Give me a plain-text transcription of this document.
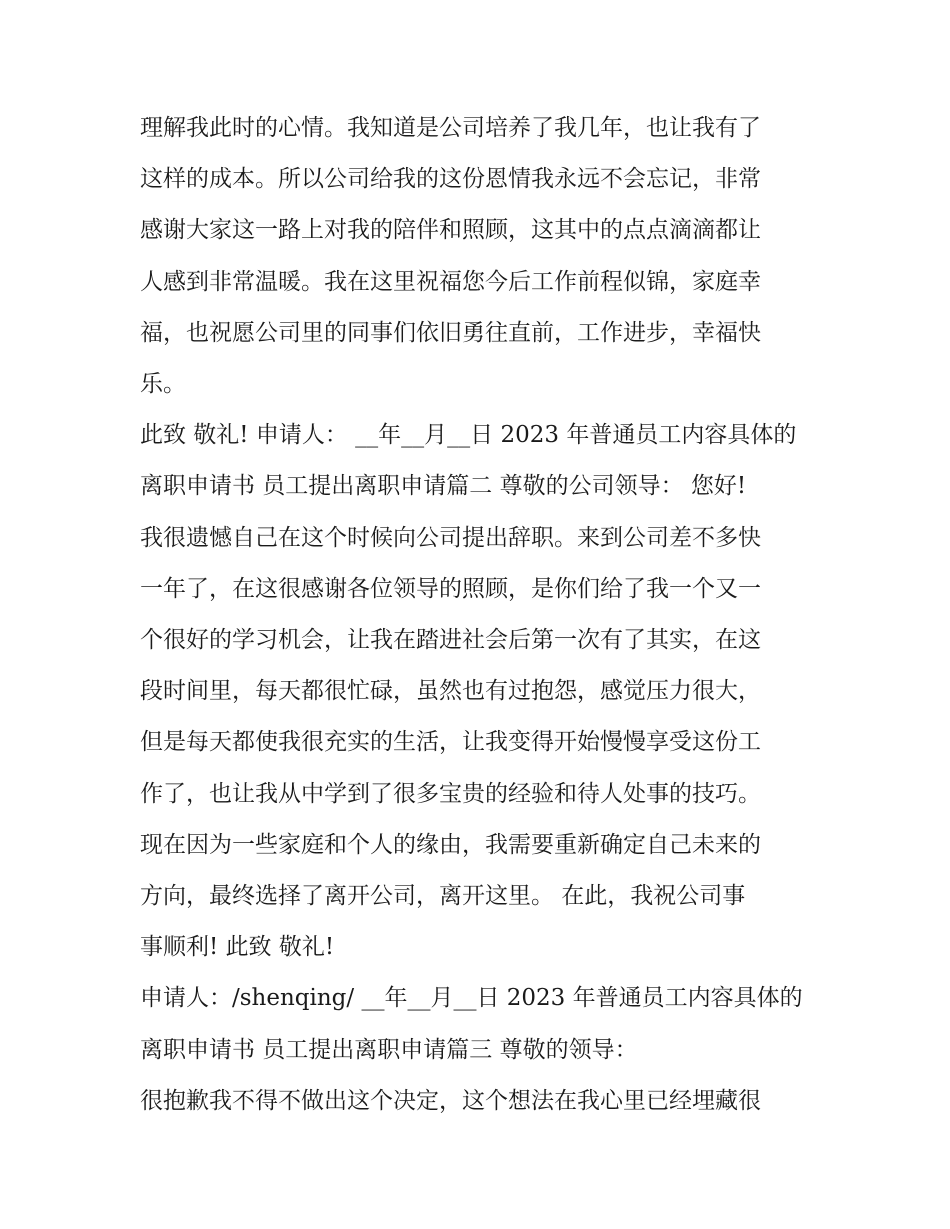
理解我此时的心情。我知道是公司培养了我几年，也让我有了
这样的成本。所以公司给我的这份恩情我永远不会忘记，非常
感谢大家这一路上对我的陪伴和照顾，这其中的点点滴滴都让
人感到非常温暖。我在这里祝福您今后工作前程似锦，家庭幸
福，也祝愿公司里的同事们依旧勇往直前，工作进步，幸福快
乐。

此致 敬礼! 申请人： __年__月__日 2023 年普通员工内容具体的
离职申请书 员工提出离职申请篇二 尊敬的公司领导： 您好!
我很遗憾自己在这个时候向公司提出辞职。来到公司差不多快
一年了，在这很感谢各位领导的照顾，是你们给了我一个又一
个很好的学习机会，让我在踏进社会后第一次有了其实，在这
段时间里，每天都很忙碌，虽然也有过抱怨，感觉压力很大，
但是每天都使我很充实的生活，让我变得开始慢慢享受这份工
作了，也让我从中学到了很多宝贵的经验和待人处事的技巧。
现在因为一些家庭和个人的缘由，我需要重新确定自己未来的
方向，最终选择了离开公司，离开这里。 在此，我祝公司事
事顺利! 此致 敬礼!

申请人：/shenqing/ __年__月__日 2023 年普通员工内容具体的
离职申请书 员工提出离职申请篇三 尊敬的领导：

很抱歉我不得不做出这个决定，这个想法在我心里已经埋藏很
